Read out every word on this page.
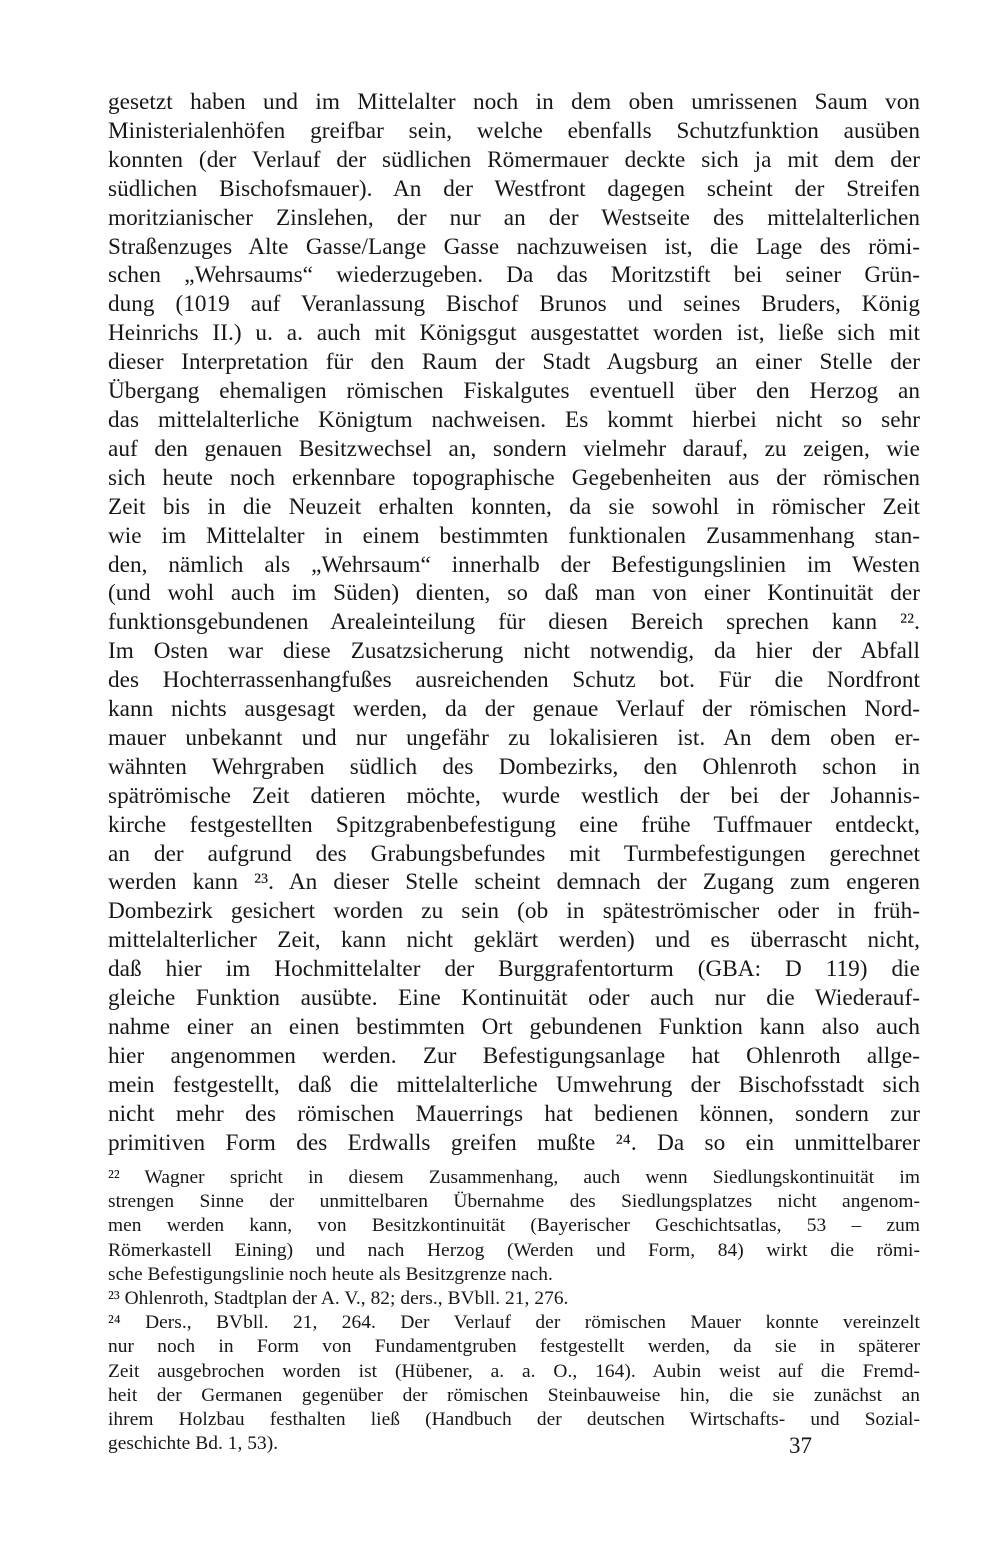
gesetzt haben und im Mittelalter noch in dem oben umrissenen Saum von

Ministerialenhöfen greifbar sein, welche ebenfalls Schutzfunktion ausüben

konnten (der Verlauf der südlichen Römermauer deckte sich ja mit dem der

südlichen Bischofsmauer). An der Westfront dagegen scheint der Streifen

moritzianischer Zinslehen, der nur an der Westseite des mittelalterlichen

Straßenzuges Alte Gasse/Lange Gasse nachzuweisen ist, die Lage des römi-

schen „Wehrsaums“ wiederzugeben. Da das Moritzstift bei seiner Grün-

dung (1019 auf Veranlassung Bischof Brunos und seines Bruders, König

Heinrichs II.) u. a. auch mit Königsgut ausgestattet worden ist, ließe sich mit

dieser Interpretation für den Raum der Stadt Augsburg an einer Stelle der

Übergang ehemaligen römischen Fiskalgutes eventuell über den Herzog an

das mittelalterliche Königtum nachweisen. Es kommt hierbei nicht so sehr

auf den genauen Besitzwechsel an, sondern vielmehr darauf, zu zeigen, wie

sich heute noch erkennbare topographische Gegebenheiten aus der römischen

Zeit bis in die Neuzeit erhalten konnten, da sie sowohl in römischer Zeit

wie im Mittelalter in einem bestimmten funktionalen Zusammenhang stan-

den, nämlich als „Wehrsaum“ innerhalb der Befestigungslinien im Westen

(und wohl auch im Süden) dienten, so daß man von einer Kontinuität der

funktionsgebundenen Arealeinteilung für diesen Bereich sprechen kann ²².

Im Osten war diese Zusatzsicherung nicht notwendig, da hier der Abfall

des Hochterrassenhangfußes ausreichenden Schutz bot. Für die Nordfront

kann nichts ausgesagt werden, da der genaue Verlauf der römischen Nord-

mauer unbekannt und nur ungefähr zu lokalisieren ist. An dem oben er-

wähnten Wehrgraben südlich des Dombezirks, den Ohlenroth schon in

spätrömische Zeit datieren möchte, wurde westlich der bei der Johannis-

kirche festgestellten Spitzgrabenbefestigung eine frühe Tuffmauer entdeckt,

an der aufgrund des Grabungsbefundes mit Turmbefestigungen gerechnet

werden kann ²³. An dieser Stelle scheint demnach der Zugang zum engeren

Dombezirk gesichert worden zu sein (ob in späteströmischer oder in früh-

mittelalterlicher Zeit, kann nicht geklärt werden) und es überrascht nicht,

daß hier im Hochmittelalter der Burggrafentorturm (GBA: D 119) die

gleiche Funktion ausübte. Eine Kontinuität oder auch nur die Wiederauf-

nahme einer an einen bestimmten Ort gebundenen Funktion kann also auch

hier angenommen werden. Zur Befestigungsanlage hat Ohlenroth allge-

mein festgestellt, daß die mittelalterliche Umwehrung der Bischofsstadt sich

nicht mehr des römischen Mauerrings hat bedienen können, sondern zur

primitiven Form des Erdwalls greifen mußte ²⁴. Da so ein unmittelbarer

²² Wagner spricht in diesem Zusammenhang, auch wenn Siedlungskontinuität im

strengen Sinne der unmittelbaren Übernahme des Siedlungsplatzes nicht angenom-

men werden kann, von Besitzkontinuität (Bayerischer Geschichtsatlas, 53 – zum

Römerkastell Eining) und nach Herzog (Werden und Form, 84) wirkt die römi-

sche Befestigungslinie noch heute als Besitzgrenze nach.

²³ Ohlenroth, Stadtplan der A. V., 82; ders., BVbll. 21, 276.

²⁴ Ders., BVbll. 21, 264. Der Verlauf der römischen Mauer konnte vereinzelt

nur noch in Form von Fundamentgruben festgestellt werden, da sie in späterer

Zeit ausgebrochen worden ist (Hübener, a. a. O., 164). Aubin weist auf die Fremd-

heit der Germanen gegenüber der römischen Steinbauweise hin, die sie zunächst an

ihrem Holzbau festhalten ließ (Handbuch der deutschen Wirtschafts- und Sozial-

geschichte Bd. 1, 53).	37
